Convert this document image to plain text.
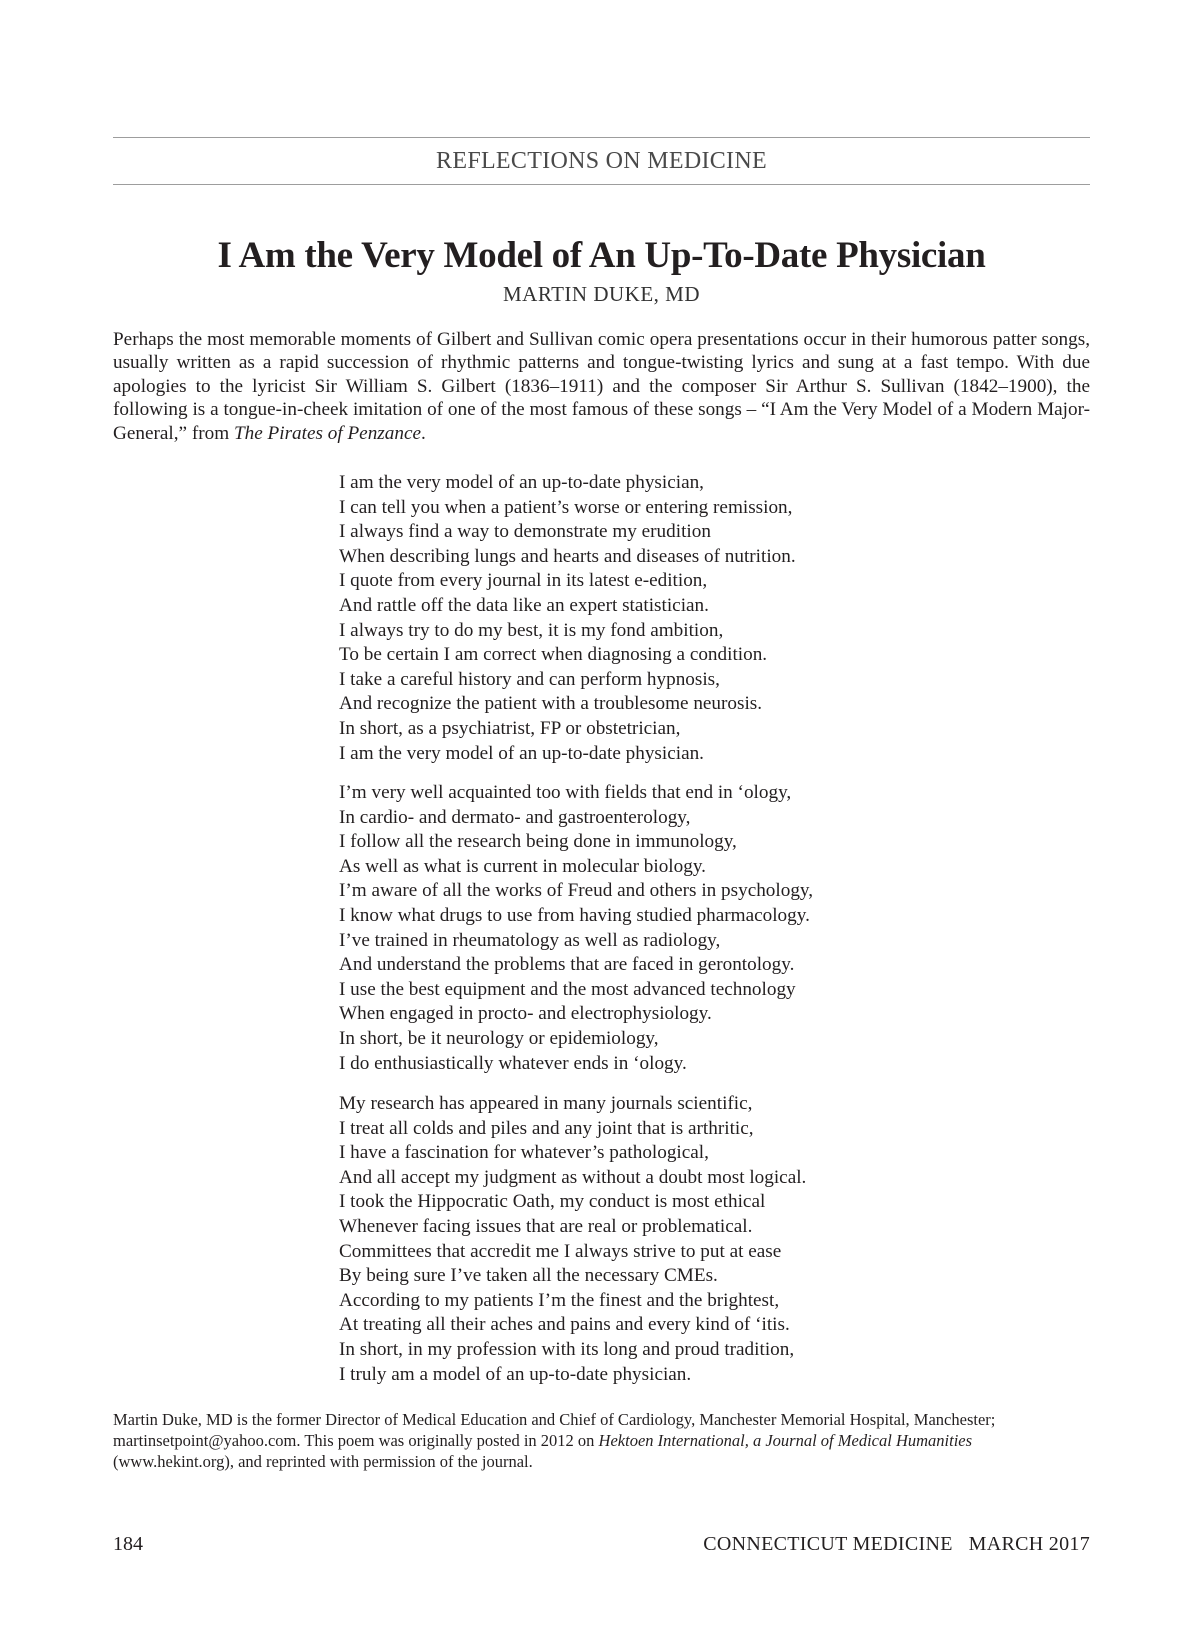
REFLECTIONS ON MEDICINE
I Am the Very Model of An Up-To-Date Physician
MARTIN DUKE, MD
Perhaps the most memorable moments of Gilbert and Sullivan comic opera presentations occur in their humorous patter songs, usually written as a rapid succession of rhythmic patterns and tongue-twisting lyrics and sung at a fast tempo. With due apologies to the lyricist Sir William S. Gilbert (1836–1911) and the composer Sir Arthur S. Sullivan (1842–1900), the following is a tongue-in-cheek imitation of one of the most famous of these songs – “I Am the Very Model of a Modern Major-General,” from The Pirates of Penzance.
I am the very model of an up-to-date physician,
I can tell you when a patient’s worse or entering remission,
I always find a way to demonstrate my erudition
When describing lungs and hearts and diseases of nutrition.
I quote from every journal in its latest e-edition,
And rattle off the data like an expert statistician.
I always try to do my best, it is my fond ambition,
To be certain I am correct when diagnosing a condition.
I take a careful history and can perform hypnosis,
And recognize the patient with a troublesome neurosis.
In short, as a psychiatrist, FP or obstetrician,
I am the very model of an up-to-date physician.
I’m very well acquainted too with fields that end in ‘ology,
In cardio- and dermato- and gastroenterology,
I follow all the research being done in immunology,
As well as what is current in molecular biology.
I’m aware of all the works of Freud and others in psychology,
I know what drugs to use from having studied pharmacology.
I’ve trained in rheumatology as well as radiology,
And understand the problems that are faced in gerontology.
I use the best equipment and the most advanced technology
When engaged in procto- and electrophysiology.
In short, be it neurology or epidemiology,
I do enthusiastically whatever ends in ‘ology.
My research has appeared in many journals scientific,
I treat all colds and piles and any joint that is arthritic,
I have a fascination for whatever’s pathological,
And all accept my judgment as without a doubt most logical.
I took the Hippocratic Oath, my conduct is most ethical
Whenever facing issues that are real or problematical.
Committees that accredit me I always strive to put at ease
By being sure I’ve taken all the necessary CMEs.
According to my patients I’m the finest and the brightest,
At treating all their aches and pains and every kind of ‘itis.
In short, in my profession with its long and proud tradition,
I truly am a model of an up-to-date physician.
Martin Duke, MD is the former Director of Medical Education and Chief of Cardiology, Manchester Memorial Hospital, Manchester; martinsetpoint@yahoo.com. This poem was originally posted in 2012 on Hektoen International, a Journal of Medical Humanities (www.hekint.org), and reprinted with permission of the journal.
184	CONNECTICUT MEDICINE   MARCH 2017
